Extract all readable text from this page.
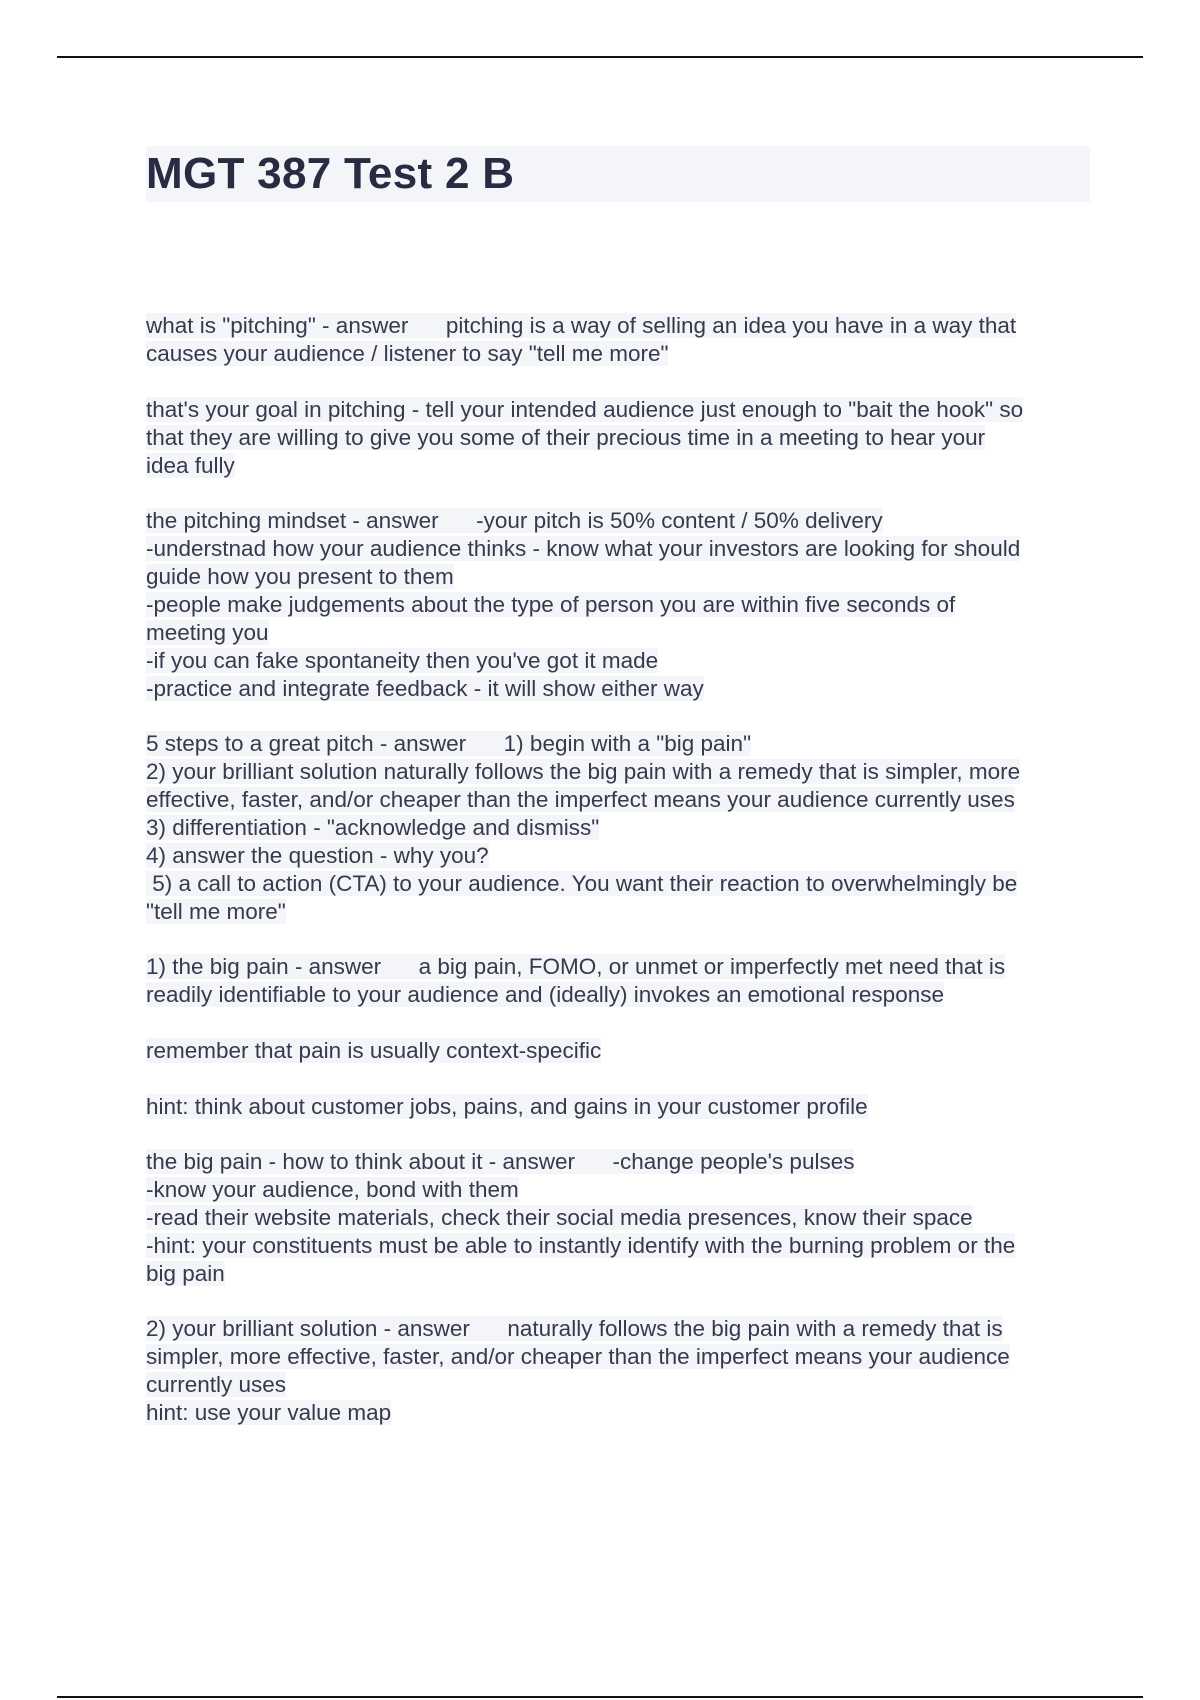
MGT 387 Test 2 B
what is "pitching" - answer      pitching is a way of selling an idea you have in a way that
causes your audience / listener to say "tell me more"
that's your goal in pitching - tell your intended audience just enough to "bait the hook" so
that they are willing to give you some of their precious time in a meeting to hear your
idea fully
the pitching mindset - answer      -your pitch is 50% content / 50% delivery
-understnad how your audience thinks - know what your investors are looking for should
guide how you present to them
-people make judgements about the type of person you are within five seconds of
meeting you
-if you can fake spontaneity then you've got it made
-practice and integrate feedback - it will show either way
5 steps to a great pitch - answer      1) begin with a "big pain"
2) your brilliant solution naturally follows the big pain with a remedy that is simpler, more
effective, faster, and/or cheaper than the imperfect means your audience currently uses
3) differentiation - "acknowledge and dismiss"
4) answer the question - why you?
5) a call to action (CTA) to your audience. You want their reaction to overwhelmingly be
"tell me more"
1) the big pain - answer      a big pain, FOMO, or unmet or imperfectly met need that is
readily identifiable to your audience and (ideally) invokes an emotional response
remember that pain is usually context-specific
hint: think about customer jobs, pains, and gains in your customer profile
the big pain - how to think about it - answer      -change people's pulses
-know your audience, bond with them
-read their website materials, check their social media presences, know their space
-hint: your constituents must be able to instantly identify with the burning problem or the
big pain
2) your brilliant solution - answer      naturally follows the big pain with a remedy that is
simpler, more effective, faster, and/or cheaper than the imperfect means your audience
currently uses
hint: use your value map
